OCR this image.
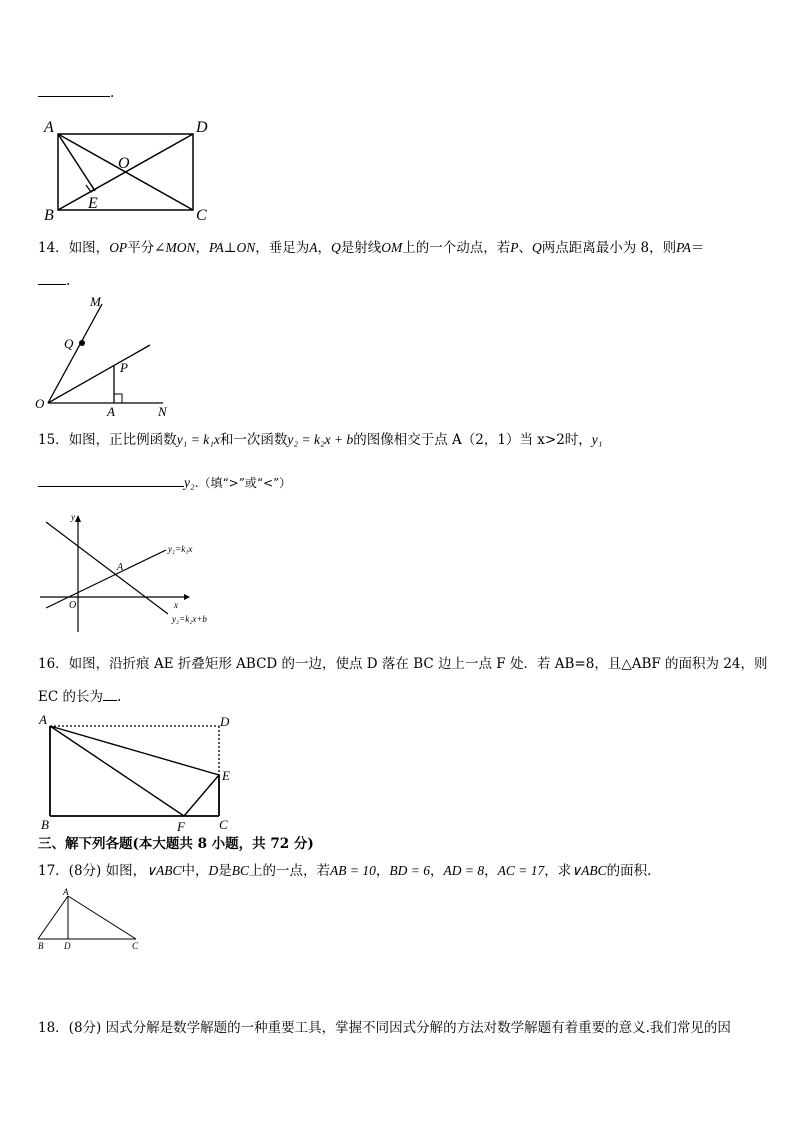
.
A	D
O
B
E
C
14．如图，OP平分∠MON，PA⊥ON，垂足为A，Q是射线OM上的一个动点，若P、Q两点距离最小为 8，则PA＝
.
M
Q
P
O
A	N
15．如图，正比例函数y₁ = k₁x和一次函数y₂ = k₂x + b的图像相交于点 A（2，1）当 x>2时，y₁
y₂.（填“>”或“<”）
y
x
O
A
y₁=k₁x
y₂=k₂x+b
16．如图，沿折痕 AE 折叠矩形 ABCD 的一边，使点 D 落在 BC 边上一点 F 处．若 AB=8，且△ABF 的面积为 24，则
EC 的长为 .
A	D
E
B	F	C
三、解下列各题(本大题共 8 小题，共 72 分)
17．(8分) 如图，∨ABC中，D是BC上的一点，若AB = 10，BD = 6，AD = 8，AC = 17，求∨ABC的面积．
A
B D	C
18．(8分) 因式分解是数学解题的一种重要工具，掌握不同因式分解的方法对数学解题有着重要的意义.我们常见的因
